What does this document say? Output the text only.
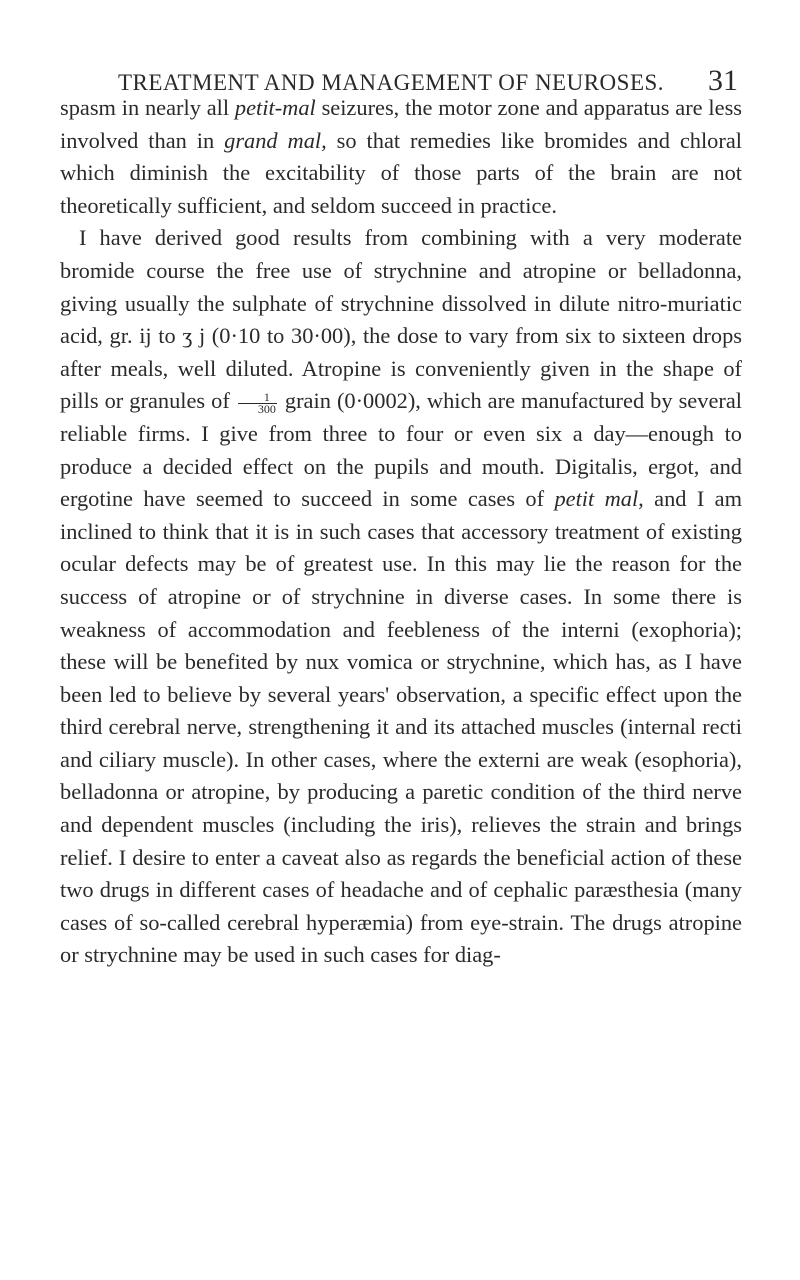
TREATMENT AND MANAGEMENT OF NEUROSES. 31

spasm in nearly all petit-mal seizures, the motor zone and apparatus are less involved than in grand mal, so that remedies like bromides and chloral which diminish the excitability of those parts of the brain are not theoretically sufficient, and seldom succeed in practice.

I have derived good results from combining with a very moderate bromide course the free use of strychnine and atropine or belladonna, giving usually the sulphate of strychnine dissolved in dilute nitro-muriatic acid, gr. ij to ʒ j (0·10 to 30·00), the dose to vary from six to sixteen drops after meals, well diluted. Atropine is conveniently given in the shape of pills or granules of $\frac{1}{300}$ grain (0·0002), which are manufactured by several reliable firms. I give from three to four or even six a day—enough to produce a decided effect on the pupils and mouth. Digitalis, ergot, and ergotine have seemed to succeed in some cases of petit mal, and I am inclined to think that it is in such cases that accessory treatment of existing ocular defects may be of greatest use. In this may lie the reason for the success of atropine or of strychnine in diverse cases. In some there is weakness of accommodation and feebleness of the interni (exophoria); these will be benefited by nux vomica or strychnine, which has, as I have been led to believe by several years' observation, a specific effect upon the third cerebral nerve, strengthening it and its attached muscles (internal recti and ciliary muscle). In other cases, where the externi are weak (esophoria), belladonna or atropine, by producing a paretic condition of the third nerve and dependent muscles (including the iris), relieves the strain and brings relief. I desire to enter a caveat also as regards the beneficial action of these two drugs in different cases of headache and of cephalic paræsthesia (many cases of so-called cerebral hyperæmia) from eye-strain. The drugs atropine or strychnine may be used in such cases for diag-
